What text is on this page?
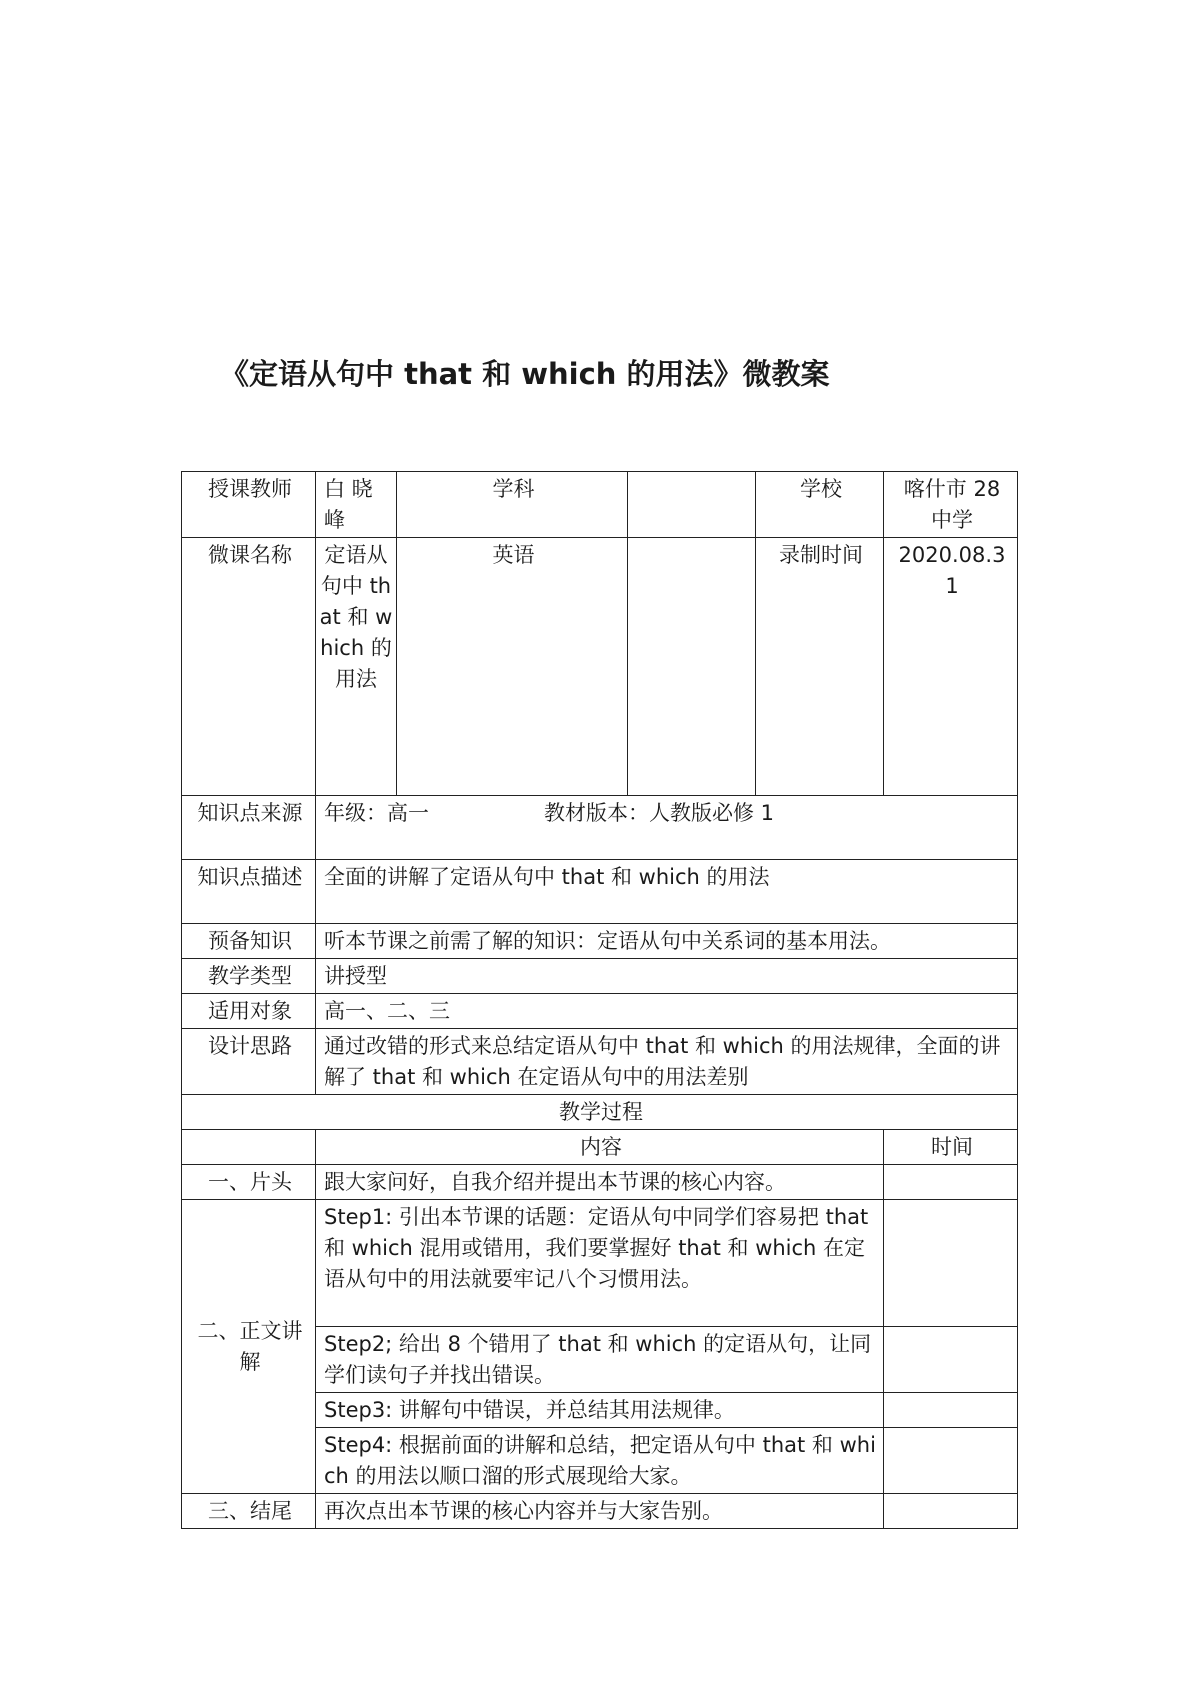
《定语从句中 that 和 which 的用法》微教案
授课教师	白 晓峰	学科		学校	喀什市 28 中学
微课名称	定语从句中 that 和 which 的用法	英语		录制时间	2020.08.31
知识点来源	年级：高一 教材版本：人教版必修 1				
知识点描述	全面的讲解了定语从句中 that 和 which 的用法				
预备知识	听本节课之前需了解的知识：定语从句中关系词的基本用法。				
教学类型	讲授型				
适用对象	高一、二、三				
设计思路	通过改错的形式来总结定语从句中 that 和 which 的用法规律，全面的讲解了 that 和 which 在定语从句中的用法差别				
教学过程					
	内容				时间
一、片头	跟大家问好，自我介绍并提出本节课的核心内容。				
二、正文讲解	Step1: 引出本节课的话题：定语从句中同学们容易把 that 和 which 混用或错用，我们要掌握好 that 和 which 在定语从句中的用法就要牢记八个习惯用法。				
	Step2; 给出 8 个错用了 that 和 which 的定语从句，让同学们读句子并找出错误。				
	Step3: 讲解句中错误，并总结其用法规律。				
	Step4: 根据前面的讲解和总结，把定语从句中 that 和 which 的用法以顺口溜的形式展现给大家。				
三、结尾	再次点出本节课的核心内容并与大家告别。				
